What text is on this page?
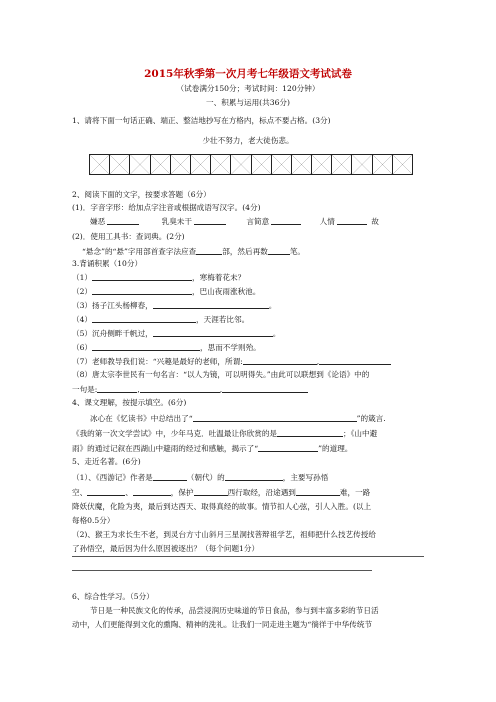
2015年秋季第一次月考七年级语文考试试卷
（试卷满分150分；考试时间：120分钟）
一、积累与运用(共36分)
1、请将下面一句话正确、端正、整洁地抄写在方格内，标点不要占格。(3分)
少壮不努力，老大徒伤悲。
2、阅读下面的文字，按要求答题（6分）
(1)．字音字形：给加点字注音或根据成语写汉字。(4分)
嫌恶	乳臭未干	言简意	人情	故
(2)．使用工具书：查词典。(2分)
“悬念”的“悬”字用部首查字法应查	部，然后再数	笔。
3.背诵积累（10分）
（1）	，寒梅着花未？
（2）	，巴山夜雨涨秋池。
（3）扬子江头杨柳春，	。
（4）	，天涯若比邻。
（5）沉舟侧畔千帆过，	。
（6）	，思而不学则殆。
（7）老师教导我们说：“兴趣是最好的老师，所谓:	,
（8）唐太宗李世民有一句名言：“以人为镜，可以明得失。”由此可以联想到《论语》中的
一句是:	,	,
4、课文理解，按提示填空。(6分)
冰心在《忆读书》中总结出了“	”的箴言.
《我的第一次文学尝试》中，少年马克．吐温最让你欣赏的是	；《山中避
雨》的通过记叙在西湖山中避雨的经过和感触，揭示了“	”的道理。
5、走近名著。(6分)
（1）、《西游记》作者是	（朝代）的	，主要写孙悟
空、	、	，保护	西行取经，沿途遇到	难，一路
降妖伏魔，化险为夷，最后到达西天、取得真经的故事。情节扣人心弦，引人入胜。(以上
每格0.5分）
（2)、猴王为求长生不老，到灵台方寸山斜月三星洞找菩辩祖学艺，祖师把什么技艺传授给
了孙悟空，最后因为什么原因被逐出？（每个问题1分）
6、综合性学习。（5分）
节日是一种民族文化的传承，品尝浸润历史味道的节日食品，参与到丰富多彩的节日活
动中，人们更能得到文化的熏陶、精神的洗礼。让我们一同走进主题为“徜徉于中华传统节
